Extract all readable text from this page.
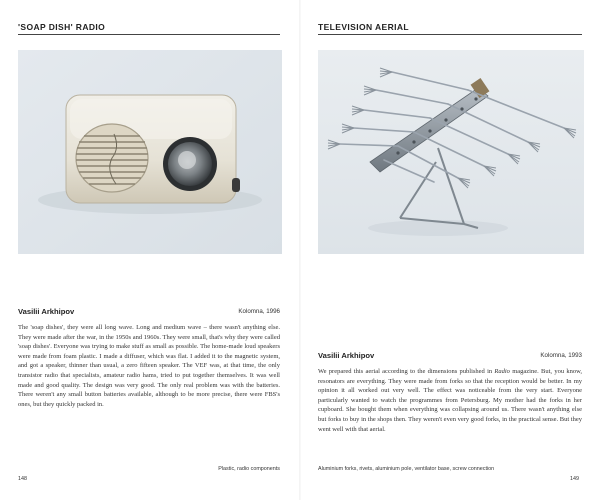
'SOAP DISH' RADIO
Vasilii Arkhipov	Kolomna, 1996
The 'soap dishes', they were all long wave. Long and medium wave – there wasn't anything else. They were made after the war, in the 1950s and 1960s. They were small, that's why they were called 'soap dishes'. Everyone was trying to make stuff as small as possible. The home-made loud speakers were made from foam plastic. I made a diffuser, which was flat. I added it to the magnetic system, and got a speaker, thinner than usual, a zero fifteen speaker. The VEF was, at that time, the only transistor radio that specialists, amateur radio hams, tried to put together themselves. It was well made and good quality. The design was very good. The only real problem was with the batteries. There weren't any small button batteries available, although to be more precise, there were FBS's ones, but they quickly packed in.
Plastic, radio components
148
TELEVISION AERIAL
Vasilii Arkhipov	Kolomna, 1993
We prepared this aerial according to the dimensions published in Radio magazine. But, you know, resonators are everything. They were made from forks so that the reception would be better. In my opinion it all worked out very well. The effect was noticeable from the very start. Everyone particularly wanted to watch the programmes from Petersburg. My mother had the forks in her cupboard. She bought them when everything was collapsing around us. There wasn't anything else but forks to buy in the shops then. They weren't even very good forks, in the practical sense. But they went well with that aerial.
Aluminium forks, rivets, aluminium pole, ventilator base, screw connection
149
